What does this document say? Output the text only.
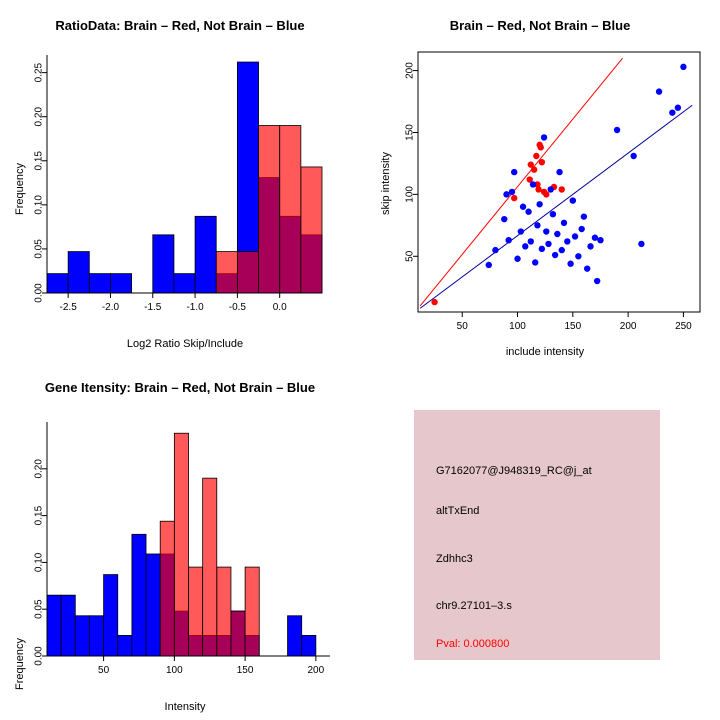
RatioData: Brain – Red, Not Brain – Blue
-2.5	-2.0	-1.5	-1.0	-0.5	0.0
0.00
0.05
0.10
0.15
0.20
0.25
Log2 Ratio Skip/Include
Frequency
Brain – Red, Not Brain – Blue
50	100	150	200	250
50
100
150
200
include intensity
skip intensity
Gene Itensity: Brain – Red, Not Brain – Blue
50	100	150	200
0.00
0.05
0.10
0.15
0.20
Intensity
Frequency
G7162077@J948319_RC@j_at
altTxEnd
Zdhhc3
chr9.27101–3.s
Pval: 0.000800
